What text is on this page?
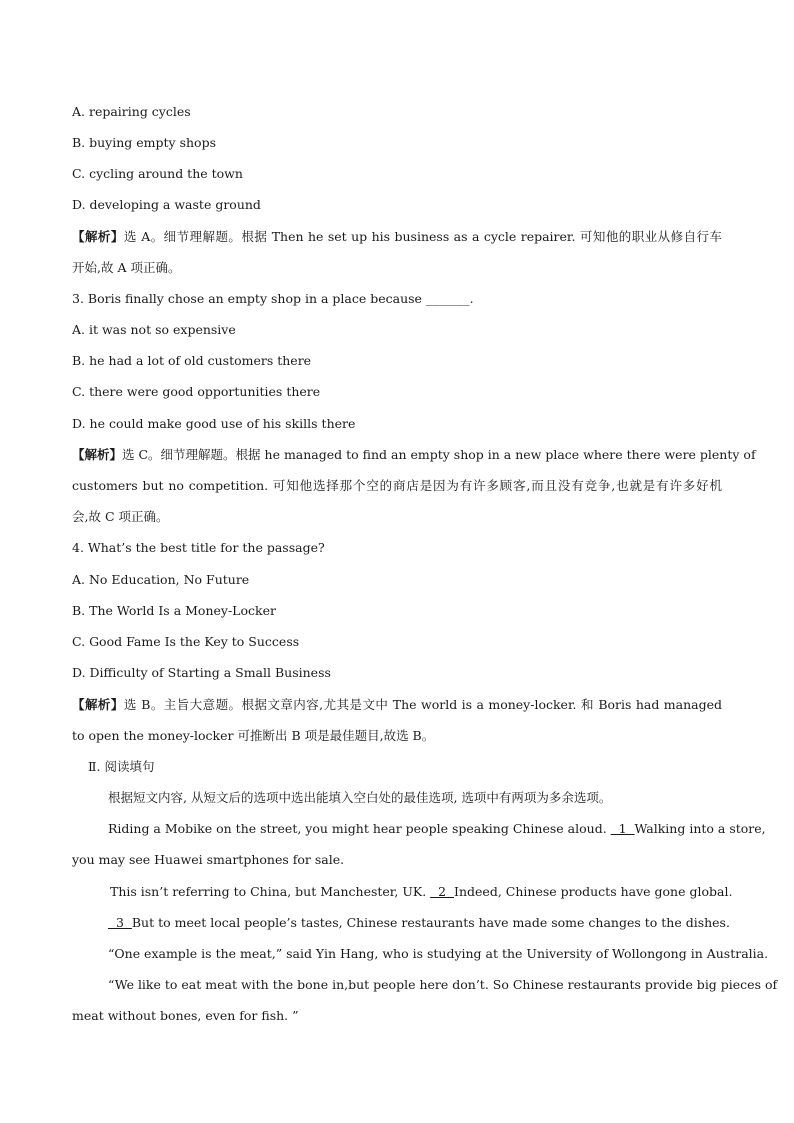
A. repairing cycles
B. buying empty shops
C. cycling around the town
D. developing a waste ground
【解析】选 A。细节理解题。根据 Then he set up his business as a cycle repairer. 可知他的职业从修自行车
开始,故 A 项正确。
3. Boris finally chose an empty shop in a place because _______.
A. it was not so expensive
B. he had a lot of old customers there
C. there were good opportunities there
D. he could make good use of his skills there
【解析】选 C。细节理解题。根据 he managed to find an empty shop in a new place where there were plenty of
customers but no competition. 可知他选择那个空的商店是因为有许多顾客,而且没有竞争,也就是有许多好机
会,故 C 项正确。
4. What’s the best title for the passage?
A. No Education, No Future
B. The World Is a Money-Locker
C. Good Fame Is the Key to Success
D. Difficulty of Starting a Small Business
【解析】选 B。主旨大意题。根据文章内容,尤其是文中 The world is a money-locker. 和 Boris had managed
to open the money-locker 可推断出 B 项是最佳题目,故选 B。
Ⅱ. 阅读填句
根据短文内容, 从短文后的选项中选出能填入空白处的最佳选项, 选项中有两项为多余选项。
Riding a Mobike on the street, you might hear people speaking Chinese aloud.   1  Walking into a store,
you may see Huawei smartphones for sale.
This isn’t referring to China, but Manchester, UK.   2  Indeed, Chinese products have gone global.
3  But to meet local people’s tastes, Chinese restaurants have made some changes to the dishes.
“One example is the meat,” said Yin Hang, who is studying at the University of Wollongong in Australia.
“We like to eat meat with the bone in,but people here don’t. So Chinese restaurants provide big pieces of
meat without bones, even for fish. ”
